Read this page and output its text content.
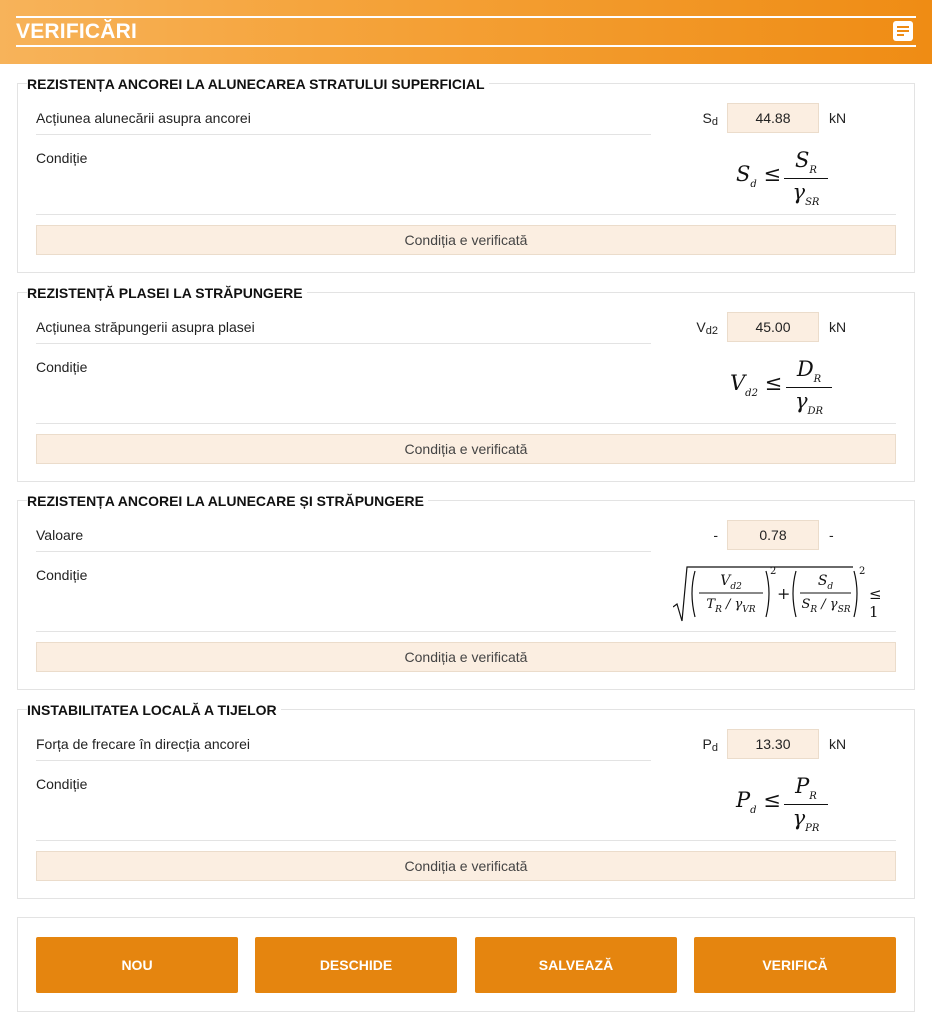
VERIFICĂRI
REZISTENȚA ANCOREI LA ALUNECAREA STRATULUI SUPERFICIAL
Acțiunea alunecării asupra ancorei	$S_d$	44.88	kN
Condiție
$S_d$ ≤
$S_R$
$\gamma_{SR}$
Condiția e verificată
REZISTENȚĂ PLASEI LA STRĂPUNGERE
Acțiunea străpungerii asupra plasei	$V_{d2}$	45.00	kN
Condiție
$V_{d2}$ ≤
$D_R$
$\gamma_{DR}$
Condiția e verificată
REZISTENȚA ANCOREI LA ALUNECARE ȘI STRĂPUNGERE
Valoare	-	0.78	-
Condiție	$V_{d2}$
$T_R / \gamma_{VR}$
2
+
$S_d$
$S_R / \gamma_{SR}$
2
≤ 1
Condiția e verificată
INSTABILITATEA LOCALĂ A TIJELOR
Forța de frecare în direcția ancorei	$P_d$	13.30	kN
Condiție
$P_d$ ≤
$P_R$
$\gamma_{PR}$
Condiția e verificată
NOU	DESCHIDE	SALVEAZĂ	VERIFICĂ
